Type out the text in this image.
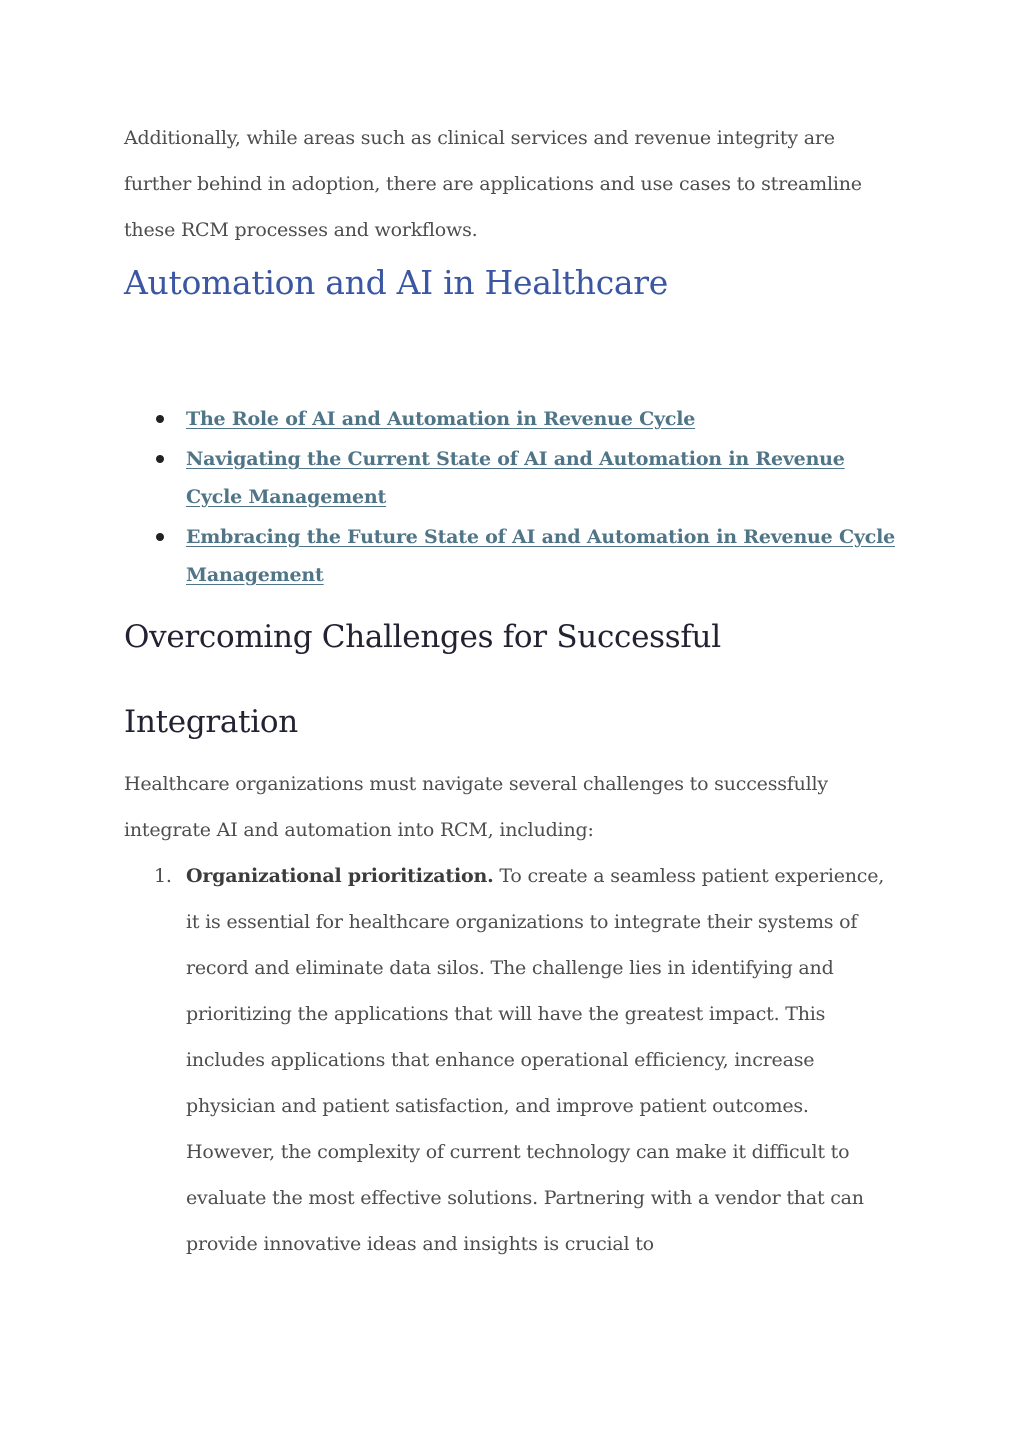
Additionally, while areas such as clinical services and revenue integrity are further behind in adoption, there are applications and use cases to streamline these RCM processes and workflows.

Automation and AI in Healthcare
The Role of AI and Automation in Revenue Cycle
Navigating the Current State of AI and Automation in Revenue Cycle Management
Embracing the Future State of AI and Automation in Revenue Cycle Management
Overcoming Challenges for Successful Integration

Healthcare organizations must navigate several challenges to successfully integrate AI and automation into RCM, including:

1. Organizational prioritization. To create a seamless patient experience, it is essential for healthcare organizations to integrate their systems of record and eliminate data silos. The challenge lies in identifying and prioritizing the applications that will have the greatest impact. This includes applications that enhance operational efficiency, increase physician and patient satisfaction, and improve patient outcomes. However, the complexity of current technology can make it difficult to evaluate the most effective solutions. Partnering with a vendor that can provide innovative ideas and insights is crucial to
